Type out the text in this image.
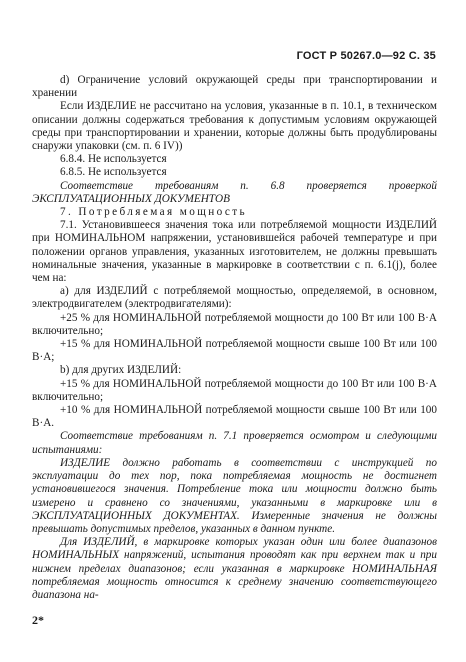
ГОСТ Р 50267.0—92 С. 35

d) Ограничение условий окружающей среды при транспортировании и хранении

Если ИЗДЕЛИЕ не рассчитано на условия, указанные в п. 10.1, в техническом описании должны содержаться требования к допустимым условиям окружающей среды при транспортировании и хранении, которые должны быть продублированы снаружи упаковки (см. п. 6 IV))

6.8.4. Не используется

6.8.5. Не используется

Соответствие требованиям п. 6.8 проверяется проверкой ЭКСПЛУАТАЦИОННЫХ ДОКУМЕНТОВ

7. Потребляемая мощность

7.1. Установившееся значения тока или потребляемой мощности ИЗДЕЛИЙ при НОМИНАЛЬНОМ напряжении, установившейся рабочей температуре и при положении органов управления, указанных изготовителем, не должны превышать номинальные значения, указанные в маркировке в соответствии с п. 6.1(j), более чем на:

а) для ИЗДЕЛИЙ с потребляемой мощностью, определяемой, в основном, электродвигателем (электродвигателями):

+25 % для НОМИНАЛЬНОЙ потребляемой мощности до 100 Вт или 100 В·А включительно;

+15 % для НОМИНАЛЬНОЙ потребляемой мощности свыше 100 Вт или 100 В·А;

b) для других ИЗДЕЛИЙ:

+15 % для НОМИНАЛЬНОЙ потребляемой мощности до 100 Вт или 100 В·А включительно;

+10 % для НОМИНАЛЬНОЙ потребляемой мощности свыше 100 Вт или 100 В·А.

Соответствие требованиям п. 7.1 проверяется осмотром и следующими испытаниями:

ИЗДЕЛИЕ должно работать в соответствии с инструкцией по эксплуатации до тех пор, пока потребляемая мощность не достигнет установившегося значения. Потребление тока или мощности должно быть измерено и сравнено со значениями, указанными в маркировке или в ЭКСПЛУАТАЦИОННЫХ ДОКУМЕНТАХ. Измеренные значения не должны превышать допустимых пределов, указанных в данном пункте.

Для ИЗДЕЛИЙ, в маркировке которых указан один или более диапазонов НОМИНАЛЬНЫХ напряжений, испытания проводят как при верхнем так и при нижнем пределах диапазонов; если указанная в маркировке НОМИНАЛЬНАЯ потребляемая мощность относится к среднему значению соответствующего диапазона на-

2*
